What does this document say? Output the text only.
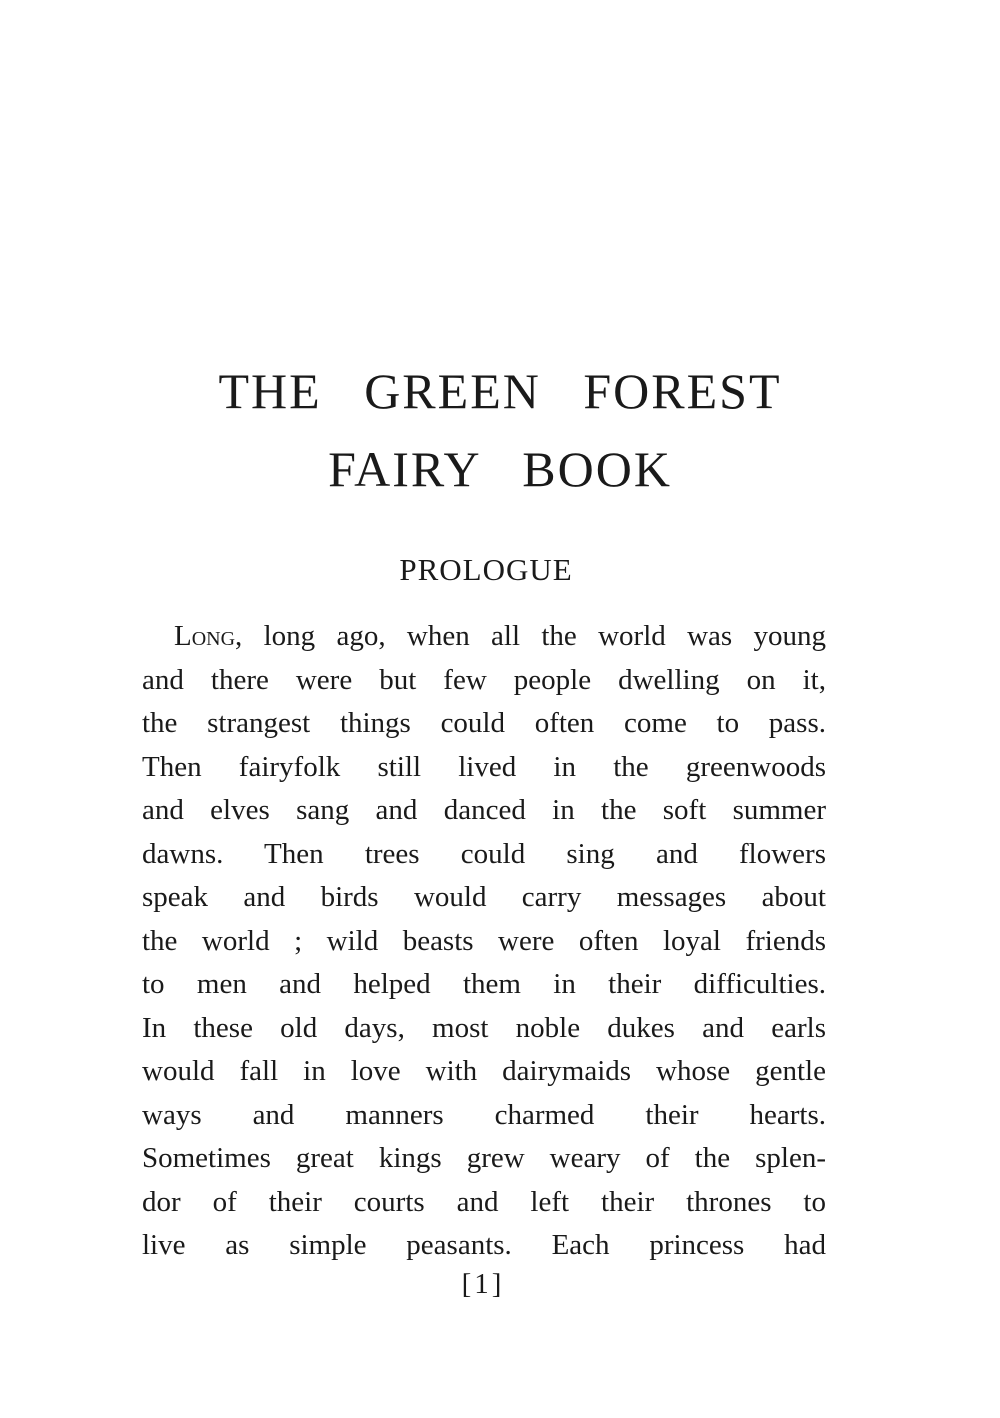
THE GREEN FOREST
FAIRY BOOK
PROLOGUE
Long, long ago, when all the world was young
and there were but few people dwelling on it,
the strangest things could often come to pass.
Then fairyfolk still lived in the greenwoods
and elves sang and danced in the soft summer
dawns. Then trees could sing and flowers
speak and birds would carry messages about
the world ; wild beasts were often loyal friends
to men and helped them in their difficulties.
In these old days, most noble dukes and earls
would fall in love with dairymaids whose gentle
ways and manners charmed their hearts.
Sometimes great kings grew weary of the splen-
dor of their courts and left their thrones to
live as simple peasants. Each princess had
[1]
